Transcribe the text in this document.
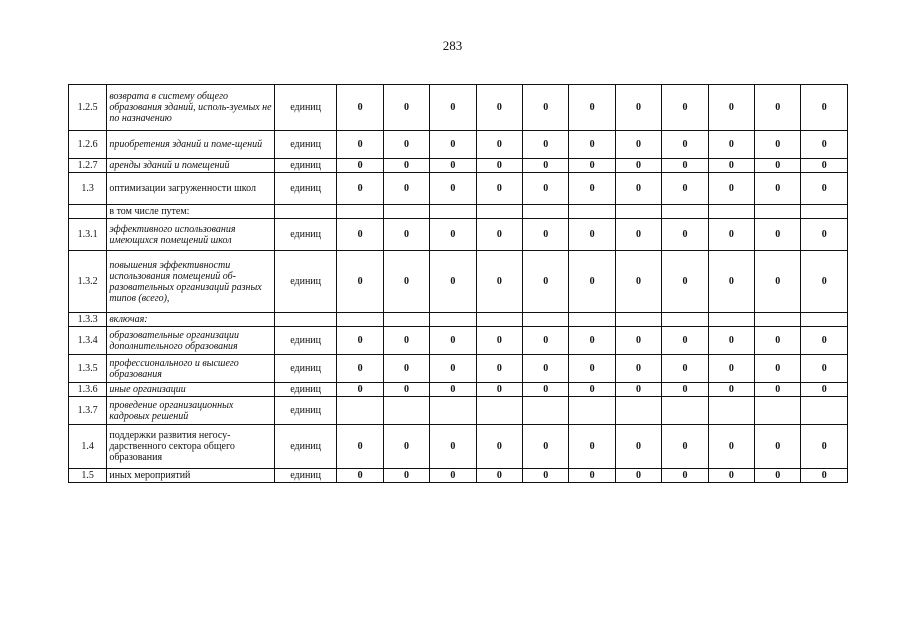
283
1.2.5	возврата в систему общего образования зданий, исполь-зуемых не по назначению	единиц	0	0	0	0	0	0	0	0	0	0	0
1.2.6	приобретения зданий и поме-щений	единиц	0	0	0	0	0	0	0	0	0	0	0
1.2.7	аренды зданий и помещений	единиц	0	0	0	0	0	0	0	0	0	0	0
1.3	оптимизации загруженности школ	единиц	0	0	0	0	0	0	0	0	0	0	0
	в том числе путем:												
1.3.1	эффективного использования имеющихся помещений школ	единиц	0	0	0	0	0	0	0	0	0	0	0
1.3.2	повышения эффективности использования помещений об-разовательных организаций разных типов (всего),	единиц	0	0	0	0	0	0	0	0	0	0	0
1.3.3	включая:												
1.3.4	образовательные организации дополнительного образования	единиц	0	0	0	0	0	0	0	0	0	0	0
1.3.5	профессионального и высшего образования	единиц	0	0	0	0	0	0	0	0	0	0	0
1.3.6	иные организации	единиц	0	0	0	0	0	0	0	0	0	0	0
1.3.7	проведение организационных кадровых решений	единиц											
1.4	поддержки развития негосу-дарственного сектора общего образования	единиц	0	0	0	0	0	0	0	0	0	0	0
1.5	иных мероприятий	единиц	0	0	0	0	0	0	0	0	0	0	0
